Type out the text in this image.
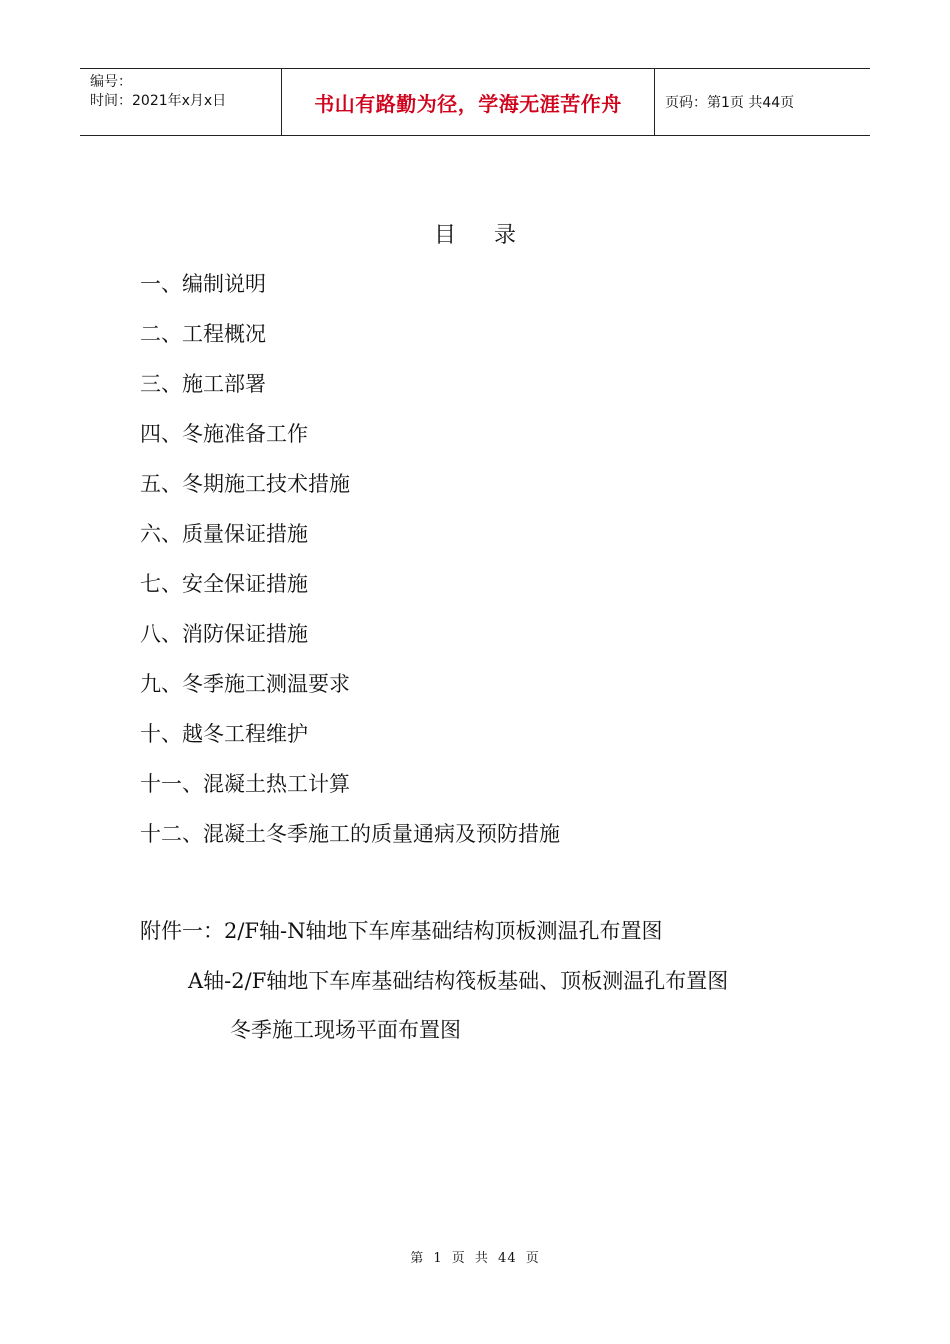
编号：
时间：2021年x月x日	书山有路勤为径，学海无涯苦作舟	页码：第1页 共44页
目录
一、编制说明
二、工程概况
三、施工部署
四、冬施准备工作
五、冬期施工技术措施
六、质量保证措施
七、安全保证措施
八、消防保证措施
九、冬季施工测温要求
十、越冬工程维护
十一、混凝土热工计算
十二、混凝土冬季施工的质量通病及预防措施
附件一：2/F轴-N轴地下车库基础结构顶板测温孔布置图
A轴-2/F轴地下车库基础结构筏板基础、顶板测温孔布置图
冬季施工现场平面布置图
第 1 页 共 44 页
